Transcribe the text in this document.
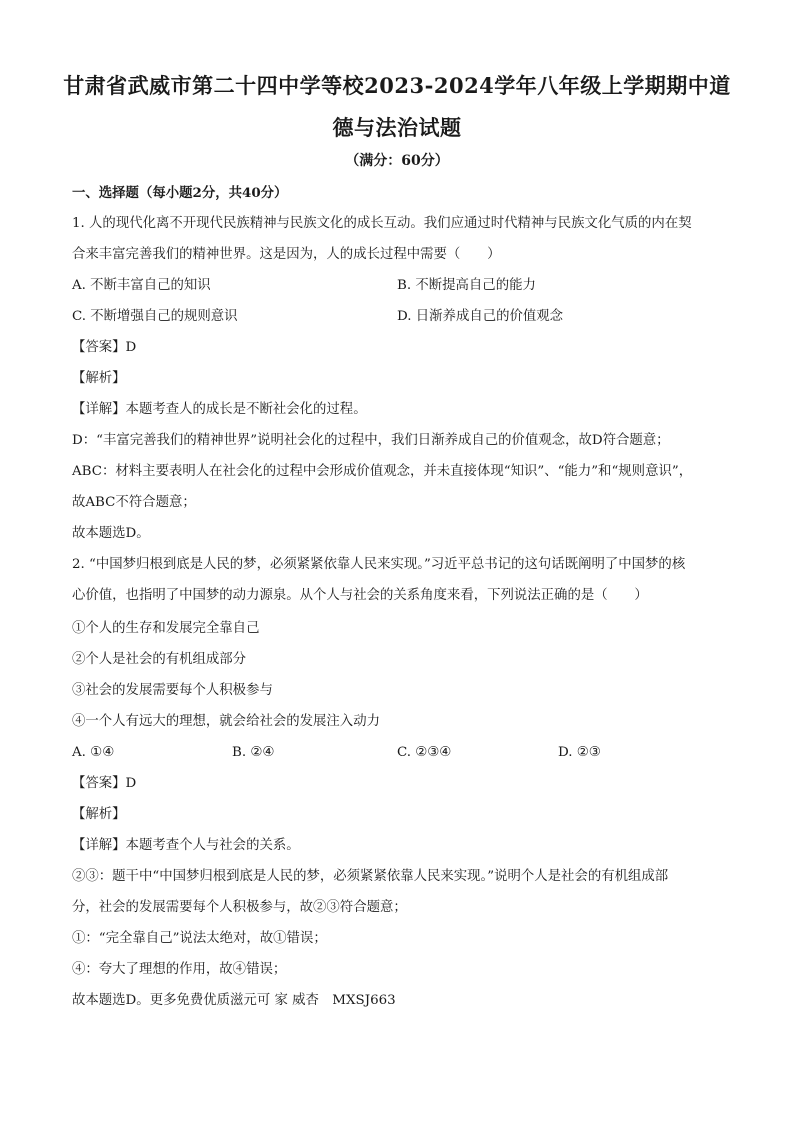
甘肃省武威市第二十四中学等校2023-2024学年八年级上学期期中道
德与法治试题
（满分：60分）
一、选择题（每小题2分，共40分）
1. 人的现代化离不开现代民族精神与民族文化的成长互动。我们应通过时代精神与民族文化气质的内在契
合来丰富完善我们的精神世界。这是因为，人的成长过程中需要（　　）
A. 不断丰富自己的知识	B. 不断提高自己的能力
C. 不断增强自己的规则意识	D. 日渐养成自己的价值观念
【答案】D
【解析】
【详解】本题考查人的成长是不断社会化的过程。
D：“丰富完善我们的精神世界”说明社会化的过程中，我们日渐养成自己的价值观念，故D符合题意；
ABC：材料主要表明人在社会化的过程中会形成价值观念，并未直接体现“知识”、“能力”和“规则意识”，
故ABC不符合题意；
故本题选D。
2. “中国梦归根到底是人民的梦，必须紧紧依靠人民来实现。”习近平总书记的这句话既阐明了中国梦的核
心价值，也指明了中国梦的动力源泉。从个人与社会的关系角度来看，下列说法正确的是（　　）
①个人的生存和发展完全靠自己
②个人是社会的有机组成部分
③社会的发展需要每个人积极参与
④一个人有远大的理想，就会给社会的发展注入动力
A. ①④	B. ②④	C. ②③④	D. ②③
【答案】D
【解析】
【详解】本题考查个人与社会的关系。
②③：题干中“中国梦归根到底是人民的梦，必须紧紧依靠人民来实现。”说明个人是社会的有机组成部
分，社会的发展需要每个人积极参与，故②③符合题意；
①：“完全靠自己”说法太绝对，故①错误；
④：夸大了理想的作用，故④错误；
故本题选D。更多免费优质滋元可 家 威杏　MXSJ663
